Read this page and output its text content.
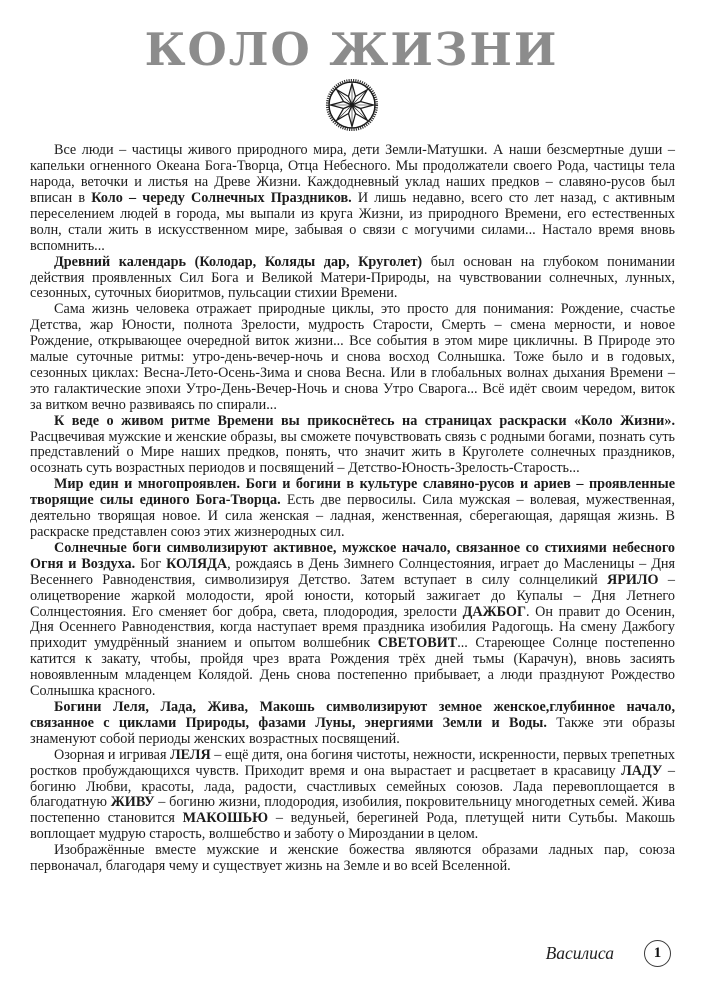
КОЛО ЖИЗНИ

Все люди – частицы живого природного мира, дети Земли-Матушки. А наши безсмертные души – капельки огненного Океана Бога-Творца, Отца Небесного. Мы продолжатели своего Рода, частицы тела народа, веточки и листья на Древе Жизни. Каждодневный уклад наших предков – славяно-русов был вписан в Коло – череду Солнечных Праздников. И лишь недавно, всего сто лет назад, с активным переселением людей в города, мы выпали из круга Жизни, из природного Времени, его естественных волн, стали жить в искусственном мире, забывая о связи с могучими силами... Настало время вновь вспомнить...

Древний календарь (Колодар, Коляды дар, Круголет) был основан на глубоком понимании действия проявленных Сил Бога и Великой Матери-Природы, на чувствовании солнечных, лунных, сезонных, суточных биоритмов, пульсации стихии Времени.

Сама жизнь человека отражает природные циклы, это просто для понимания: Рождение, счастье Детства, жар Юности, полнота Зрелости, мудрость Старости, Смерть – смена мерности, и новое Рождение, открывающее очередной виток жизни... Все события в этом мире цикличны. В Природе это малые суточные ритмы: утро-день-вечер-ночь и снова восход Солнышка. Тоже было и в годовых, сезонных циклах: Весна-Лето-Осень-Зима и снова Весна. Или в глобальных волнах дыхания Времени – это галактические эпохи Утро-День-Вечер-Ночь и снова Утро Сварога... Всё идёт своим чередом, виток за витком вечно развиваясь по спирали...

К веде о живом ритме Времени вы прикоснётесь на страницах раскраски «Коло Жизни». Расцвечивая мужские и женские образы, вы сможете почувствовать связь с родными богами, познать суть представлений о Мире наших предков, понять, что значит жить в Круголете солнечных праздников, осознать суть возрастных периодов и посвящений – Детство-Юность-Зрелость-Старость...

Мир един и многопроявлен. Боги и богини в культуре славяно-русов и ариев – проявленные творящие силы единого Бога-Творца. Есть две первосилы. Сила мужская – волевая, мужественная, деятельно творящая новое. И сила женская – ладная, женственная, сберегающая, дарящая жизнь. В раскраске представлен союз этих жизнеродных сил.

Солнечные боги символизируют активное, мужское начало, связанное со стихиями небесного Огня и Воздуха. Бог КОЛЯДА, рождаясь в День Зимнего Солнцестояния, играет до Масленицы – Дня Весеннего Равноденствия, символизируя Детство. Затем вступает в силу солнцеликий ЯРИЛО – олицетворение жаркой молодости, ярой юности, который зажигает до Купалы – Дня Летнего Солнцестояния. Его сменяет бог добра, света, плодородия, зрелости ДАЖБОГ. Он правит до Осенин, Дня Осеннего Равноденствия, когда наступает время праздника изобилия Радогощь. На смену Дажбогу приходит умудрённый знанием и опытом волшебник СВЕТОВИТ... Стареющее Солнце постепенно катится к закату, чтобы, пройдя чрез врата Рождения трёх дней тьмы (Карачун), вновь засиять новоявленным младенцем Колядой. День снова постепенно прибывает, а люди празднуют Рождество Солнышка красного.

Богини Леля, Лада, Жива, Макошь символизируют земное женское,глубинное начало, связанное с циклами Природы, фазами Луны, энергиями Земли и Воды. Также эти образы знаменуют собой периоды женских возрастных посвящений.

Озорная и игривая ЛЕЛЯ – ещё дитя, она богиня чистоты, нежности, искренности, первых трепетных ростков пробуждающихся чувств. Приходит время и она вырастает и расцветает в красавицу ЛАДУ – богиню Любви, красоты, лада, радости, счастливых семейных союзов. Лада перевоплощается в благодатную ЖИВУ – богиню жизни, плодородия, изобилия, покровительницу многодетных семей. Жива постепенно становится МАКОШЬЮ – ведуньей, берегиней Рода, плетущей нити Сутьбы. Макошь воплощает мудрую старость, волшебство и заботу о Мироздании в целом.

Изображённые вместе мужские и женские божества являются образами ладных пар, союза первоначал, благодаря чему и существует жизнь на Земле и во всей Вселенной.

Василиса	1
